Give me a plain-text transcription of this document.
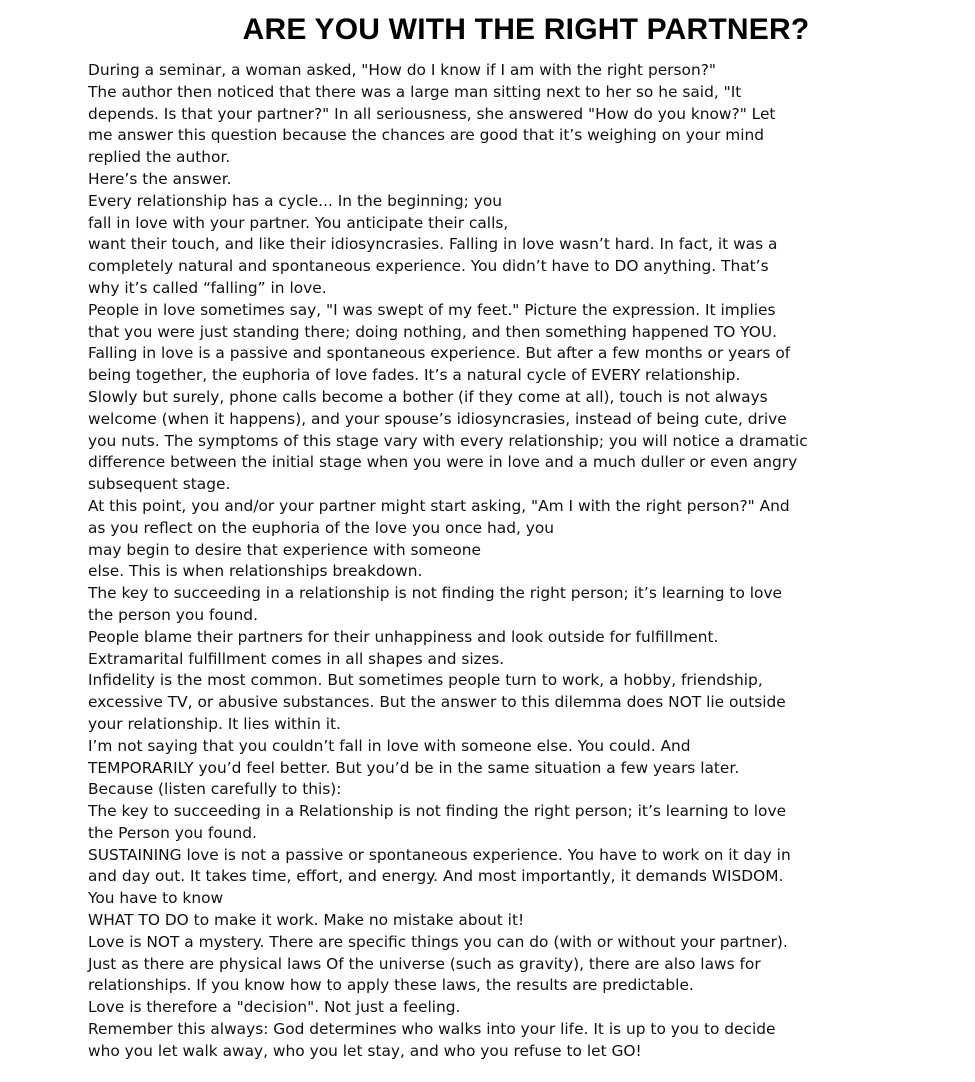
ARE YOU WITH THE RIGHT PARTNER?

During a seminar, a woman asked, "How do I know if I am with the right person?"

The author then noticed that there was a large man sitting next to her so he said, "It

depends. Is that your partner?" In all seriousness, she answered "How do you know?" Let

me answer this question because the chances are good that it’s weighing on your mind

replied the author.

Here’s the answer.

Every relationship has a cycle... In the beginning; you

fall in love with your partner. You anticipate their calls,

want their touch, and like their idiosyncrasies. Falling in love wasn’t hard. In fact, it was a

completely natural and spontaneous experience. You didn’t have to DO anything. That’s

why it’s called “falling” in love.

People in love sometimes say, "I was swept of my feet." Picture the expression. It implies

that you were just standing there; doing nothing, and then something happened TO YOU.

Falling in love is a passive and spontaneous experience. But after a few months or years of

being together, the euphoria of love fades. It’s a natural cycle of EVERY relationship.

Slowly but surely, phone calls become a bother (if they come at all), touch is not always

welcome (when it happens), and your spouse’s idiosyncrasies, instead of being cute, drive

you nuts. The symptoms of this stage vary with every relationship; you will notice a dramatic

difference between the initial stage when you were in love and a much duller or even angry

subsequent stage.

At this point, you and/or your partner might start asking, "Am I with the right person?" And

as you reflect on the euphoria of the love you once had, you

may begin to desire that experience with someone

else. This is when relationships breakdown.

The key to succeeding in a relationship is not finding the right person; it’s learning to love

the person you found.

People blame their partners for their unhappiness and look outside for fulfillment.

Extramarital fulfillment comes in all shapes and sizes.

Infidelity is the most common. But sometimes people turn to work, a hobby, friendship,

excessive TV, or abusive substances. But the answer to this dilemma does NOT lie outside

your relationship. It lies within it.

I’m not saying that you couldn’t fall in love with someone else. You could. And

TEMPORARILY you’d feel better. But you’d be in the same situation a few years later.

Because (listen carefully to this):

The key to succeeding in a Relationship is not finding the right person; it’s learning to love

the Person you found.

SUSTAINING love is not a passive or spontaneous experience. You have to work on it day in

and day out. It takes time, effort, and energy. And most importantly, it demands WISDOM.

You have to know

WHAT TO DO to make it work. Make no mistake about it!

Love is NOT a mystery. There are specific things you can do (with or without your partner).

Just as there are physical laws Of the universe (such as gravity), there are also laws for

relationships. If you know how to apply these laws, the results are predictable.

Love is therefore a "decision". Not just a feeling.

Remember this always: God determines who walks into your life. It is up to you to decide

who you let walk away, who you let stay, and who you refuse to let GO!
